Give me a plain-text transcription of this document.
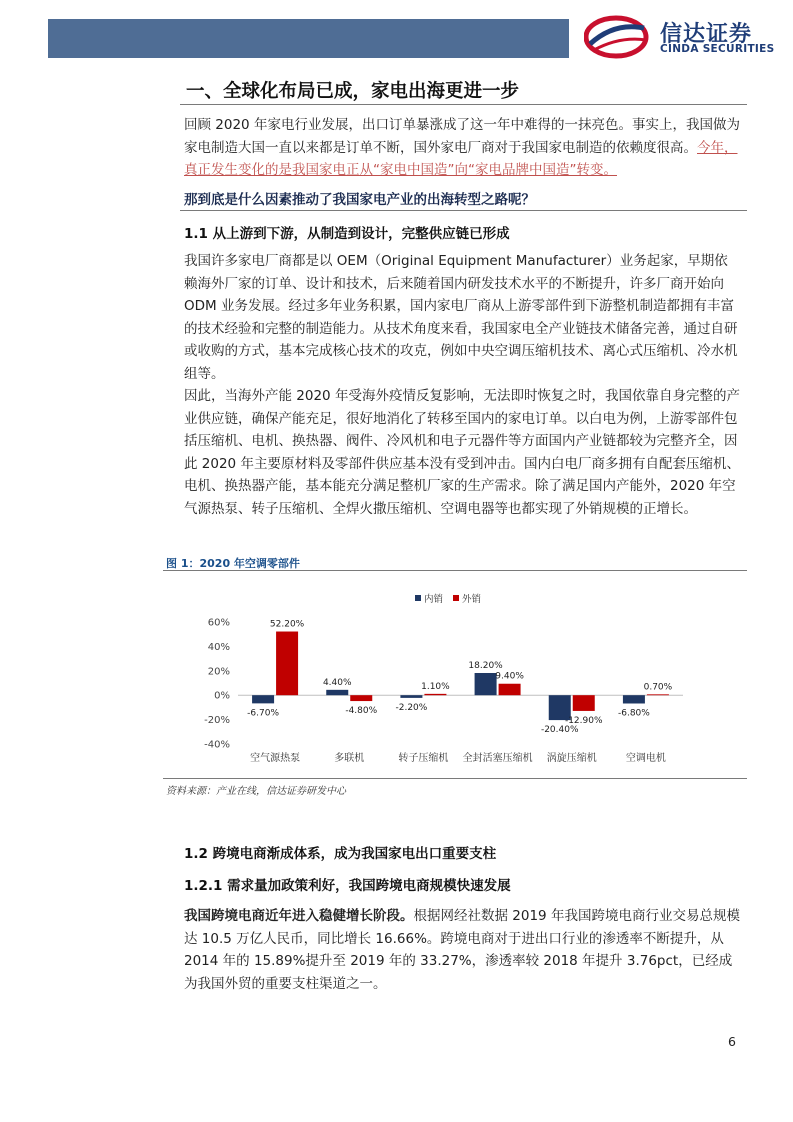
信达证券
CINDA SECURITIES
一、全球化布局已成，家电出海更进一步

回顾 2020 年家电行业发展，出口订单暴涨成了这一年中难得的一抹亮色。事实上，我国做为家电制造大国一直以来都是订单不断，国外家电厂商对于我国家电制造的依赖度很高。今年，真正发生变化的是我国家电正从“家电中国造”向“家电品牌中国造”转变。

那到底是什么因素推动了我国家电产业的出海转型之路呢？
1.1 从上游到下游，从制造到设计，完整供应链已形成

我国许多家电厂商都是以 OEM（Original Equipment Manufacturer）业务起家，早期依赖海外厂家的订单、设计和技术，后来随着国内研发技术水平的不断提升，许多厂商开始向 ODM 业务发展。经过多年业务积累，国内家电厂商从上游零部件到下游整机制造都拥有丰富的技术经验和完整的制造能力。从技术角度来看，我国家电全产业链技术储备完善，通过自研或收购的方式，基本完成核心技术的攻克，例如中央空调压缩机技术、离心式压缩机、冷水机组等。

因此，当海外产能 2020 年受海外疫情反复影响，无法即时恢复之时，我国依靠自身完整的产业供应链，确保产能充足，很好地消化了转移至国内的家电订单。以白电为例，上游零部件包括压缩机、电机、换热器、阀件、冷风机和电子元器件等方面国内产业链都较为完整齐全，因此 2020 年主要原材料及零部件供应基本没有受到冲击。国内白电厂商多拥有自配套压缩机、电机、换热器产能，基本能充分满足整机厂家的生产需求。除了满足国内产能外，2020 年空气源热泵、转子压缩机、全焊火撒压缩机、空调电器等也都实现了外销规模的正增长。

图 1：2020 年空调零部件
-40%
-20%
0%
20%
40%
60%
-6.70%
52.20%
空气源热泵
4.40%
-4.80%
多联机
-2.20%
1.10%
转子压缩机
18.20%
9.40%
全封活塞压缩机
-20.40%
-12.90%
涡旋压缩机
-6.80%
0.70%
空调电机
内销 外销
资料来源：产业在线，信达证券研发中心
1.2 跨境电商渐成体系，成为我国家电出口重要支柱
1.2.1 需求量加政策利好，我国跨境电商规模快速发展

我国跨境电商近年进入稳健增长阶段。根据网经社数据 2019 年我国跨境电商行业交易总规模达 10.5 万亿人民币，同比增长 16.66%。跨境电商对于进出口行业的渗透率不断提升，从 2014 年的 15.89%提升至 2019 年的 33.27%，渗透率较 2018 年提升 3.76pct，已经成为我国外贸的重要支柱渠道之一。

6
